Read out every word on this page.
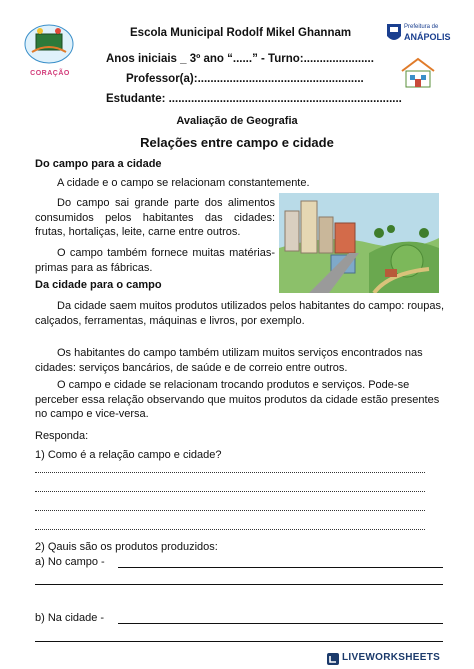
CORAÇÃO
Prefeitura de
ANÁPOLIS
Escola Municipal Rodolf Mikel Ghannam
Anos iniciais _ 3º ano “......” - Turno:......................
Professor(a):....................................................
Estudante: .........................................................................
Avaliação de Geografia
Relações entre campo e cidade
Do campo para a cidade
A cidade e o campo se relacionam constantemente.
Do campo sai grande parte dos alimentos consumidos pelos habitantes das cidades: frutas, hortaliças, leite, carne entre outros.
O campo também fornece muitas matérias-primas para as fábricas.
Da cidade para o campo
Da cidade saem muitos produtos utilizados pelos habitantes do campo: roupas, calçados, ferramentas, máquinas e livros, por exemplo.
Os habitantes do campo também utilizam muitos serviços encontrados nas cidades: serviços bancários, de saúde e de correio entre outros.
O campo e cidade se relacionam trocando produtos e serviços. Pode-se perceber essa relação observando que muitos produtos da cidade estão presentes no campo e vice-versa.
Responda:
1) Como é a relação campo e cidade?
2) Qauis são os produtos produzidos:
a) No campo -
b) Na cidade -
LIVEWORKSHEETS
